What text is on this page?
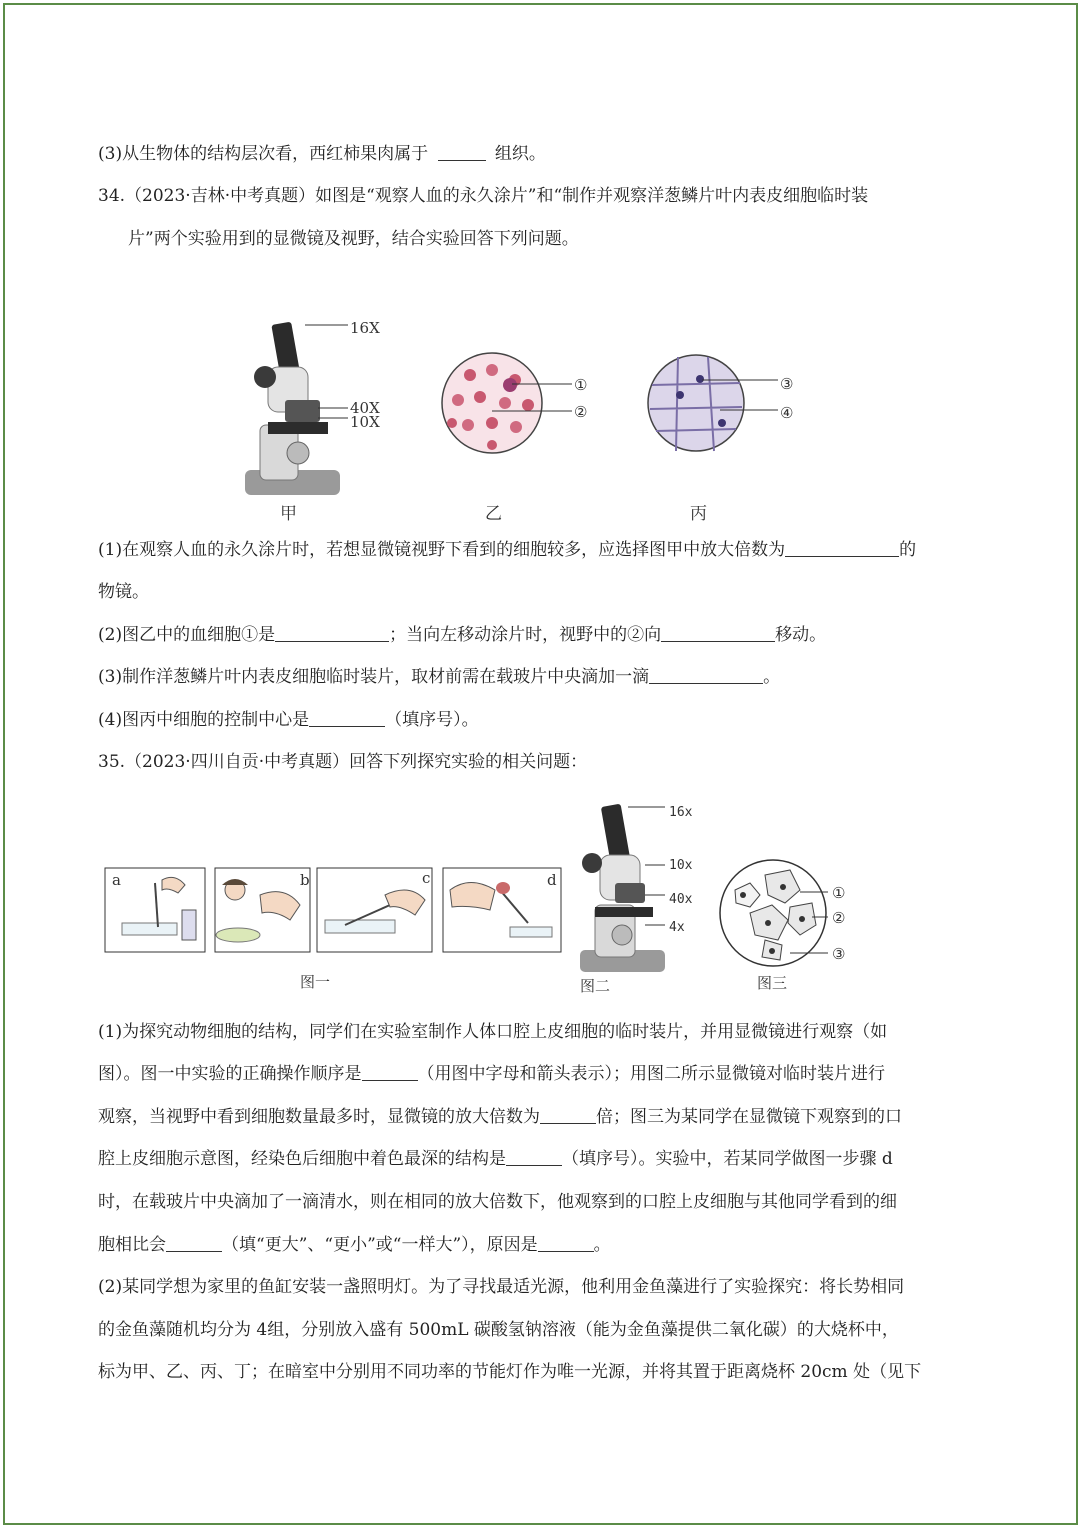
(3)从生物体的结构层次看，西红柿果肉属于	组织。
34.（2023·吉林·中考真题）如图是“观察人血的永久涂片”和“制作并观察洋葱鳞片叶内表皮细胞临时装
片”两个实验用到的显微镜及视野，结合实验回答下列问题。
16X
40X
10X
①
②
③
④
甲	乙	丙
(1)在观察人血的永久涂片时，若想显微镜视野下看到的细胞较多，应选择图甲中放大倍数为	的
物镜。
(2)图乙中的血细胞①是	；当向左移动涂片时，视野中的②向	移动。
(3)制作洋葱鳞片叶内表皮细胞临时装片，取材前需在载玻片中央滴加一滴	。
(4)图丙中细胞的控制中心是	（填序号）。
35.（2023·四川自贡·中考真题）回答下列探究实验的相关问题：
a	b	c	d
图一
16x
10x
40x
4x
图二
①
②
③
图三
(1)为探究动物细胞的结构，同学们在实验室制作人体口腔上皮细胞的临时装片，并用显微镜进行观察（如
图）。图一中实验的正确操作顺序是	（用图中字母和箭头表示）；用图二所示显微镜对临时装片进行
观察，当视野中看到细胞数量最多时，显微镜的放大倍数为	倍；图三为某同学在显微镜下观察到的口
腔上皮细胞示意图，经染色后细胞中着色最深的结构是	（填序号）。实验中，若某同学做图一步骤 d
时，在载玻片中央滴加了一滴清水，则在相同的放大倍数下，他观察到的口腔上皮细胞与其他同学看到的细
胞相比会	（填“更大”、“更小”或“一样大”），原因是	。
(2)某同学想为家里的鱼缸安装一盏照明灯。为了寻找最适光源，他利用金鱼藻进行了实验探究：将长势相同
的金鱼藻随机均分为 4组，分别放入盛有 500mL 碳酸氢钠溶液（能为金鱼藻提供二氧化碳）的大烧杯中，
标为甲、乙、丙、丁；在暗室中分别用不同功率的节能灯作为唯一光源，并将其置于距离烧杯 20cm 处（见下
